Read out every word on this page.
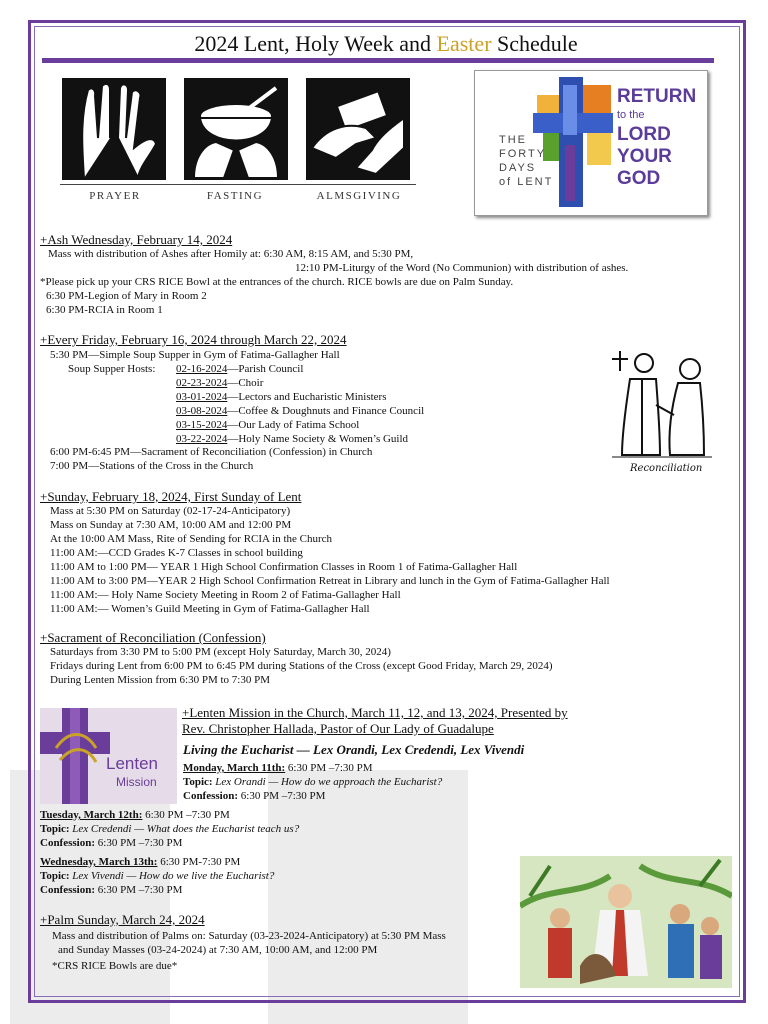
2024 Lent, Holy Week and Easter Schedule
PRAYER	FASTING	ALMSGIVING
THE
FORTY
DAYS
of LENT
RETURN
to the
LORD
YOUR
GOD
+Ash Wednesday, February 14, 2024
Mass with distribution of Ashes after Homily at: 6:30 AM, 8:15 AM, and 5:30 PM,
12:10 PM-Liturgy of the Word (No Communion) with distribution of ashes.
*Please pick up your CRS RICE Bowl at the entrances of the church. RICE bowls are due on Palm Sunday.
6:30 PM-Legion of Mary in Room 2
6:30 PM-RCIA in Room 1
+Every Friday, February 16, 2024 through March 22, 2024
5:30 PM—Simple Soup Supper in Gym of Fatima-Gallagher Hall
Soup Supper Hosts: 02-16-2024—Parish Council
02-23-2024—Choir
03-01-2024—Lectors and Eucharistic Ministers
03-08-2024—Coffee & Doughnuts and Finance Council
03-15-2024—Our Lady of Fatima School
03-22-2024—Holy Name Society & Women’s Guild
6:00 PM-6:45 PM—Sacrament of Reconciliation (Confession) in Church
7:00 PM—Stations of the Cross in the Church	Reconciliation
+Sunday, February 18, 2024, First Sunday of Lent
Mass at 5:30 PM on Saturday (02-17-24-Anticipatory)
Mass on Sunday at 7:30 AM, 10:00 AM and 12:00 PM
At the 10:00 AM Mass, Rite of Sending for RCIA in the Church
11:00 AM:—CCD Grades K-7 Classes in school building
11:00 AM to 1:00 PM— YEAR 1 High School Confirmation Classes in Room 1 of Fatima-Gallagher Hall
11:00 AM to 3:00 PM—YEAR 2 High School Confirmation Retreat in Library and lunch in the Gym of Fatima-Gallagher Hall
11:00 AM:— Holy Name Society Meeting in Room 2 of Fatima-Gallagher Hall
11:00 AM:— Women’s Guild Meeting in Gym of Fatima-Gallagher Hall
+Sacrament of Reconciliation (Confession)
Saturdays from 3:30 PM to 5:00 PM (except Holy Saturday, March 30, 2024)
Fridays during Lent from 6:00 PM to 6:45 PM during Stations of the Cross (except Good Friday, March 29, 2024)
During Lenten Mission from 6:30 PM to 7:30 PM
Lenten
Mission
+Lenten Mission in the Church, March 11, 12, and 13, 2024, Presented by
Rev. Christopher Hallada, Pastor of Our Lady of Guadalupe
Living the Eucharist — Lex Orandi, Lex Credendi, Lex Vivendi
Monday, March 11th: 6:30 PM –7:30 PM
Topic: Lex Orandi — How do we approach the Eucharist?
Confession: 6:30 PM –7:30 PM
Tuesday, March 12th: 6:30 PM –7:30 PM
Topic: Lex Credendi — What does the Eucharist teach us?
Confession: 6:30 PM –7:30 PM
Wednesday, March 13th: 6:30 PM-7:30 PM
Topic: Lex Vivendi — How do we live the Eucharist?
Confession: 6:30 PM –7:30 PM
+Palm Sunday, March 24, 2024
Mass and distribution of Palms on: Saturday (03-23-2024-Anticipatory) at 5:30 PM Mass
and Sunday Masses (03-24-2024) at 7:30 AM, 10:00 AM, and 12:00 PM
*CRS RICE Bowls are due*
